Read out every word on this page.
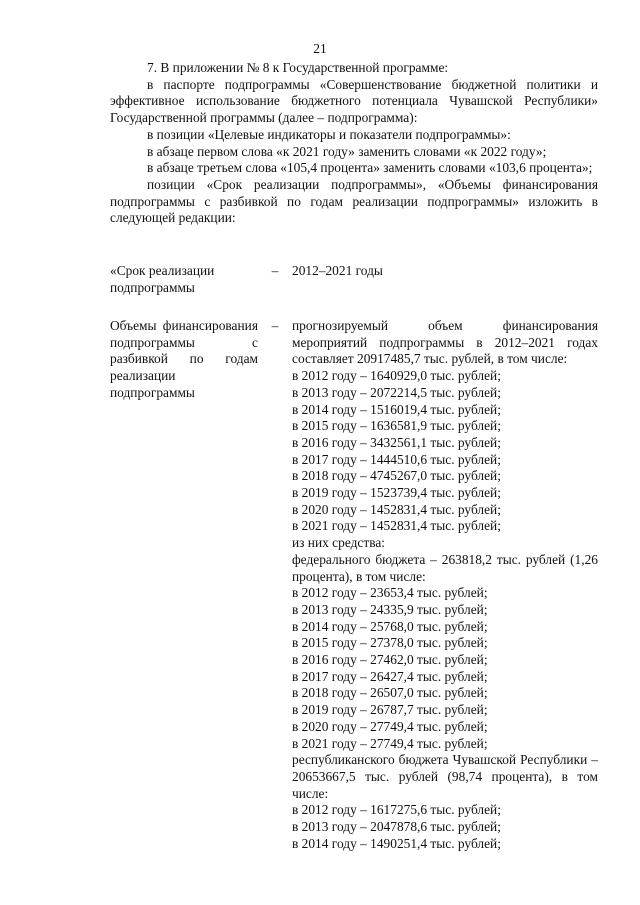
21

7. В приложении № 8 к Государственной программе:

в паспорте подпрограммы «Совершенствование бюджетной политики и эффективное использование бюджетного потенциала Чувашской Республики» Государственной программы (далее – подпрограмма):

в позиции «Целевые индикаторы и показатели подпрограммы»:

в абзаце первом слова «к 2021 году» заменить словами «к 2022 году»;

в абзаце третьем слова «105,4 процента» заменить словами «103,6 процента»;

позиции «Срок реализации подпрограммы», «Объемы финансирования подпрограммы с разбивкой по годам реализации подпрограммы» изложить в следующей редакции:

«Срок реализации подпрограммы
–	2012–2021 годы
Объемы финансирования подпрограммы с разбивкой по годам реализации подпрограммы
–	прогнозируемый объем финансирования мероприятий подпрограммы в 2012–2021 годах составляет 20917485,7 тыс. рублей, в том числе:
в 2012 году – 1640929,0 тыс. рублей;
в 2013 году – 2072214,5 тыс. рублей;
в 2014 году – 1516019,4 тыс. рублей;
в 2015 году – 1636581,9 тыс. рублей;
в 2016 году – 3432561,1 тыс. рублей;
в 2017 году – 1444510,6 тыс. рублей;
в 2018 году – 4745267,0 тыс. рублей;
в 2019 году – 1523739,4 тыс. рублей;
в 2020 году – 1452831,4 тыс. рублей;
в 2021 году – 1452831,4 тыс. рублей;
из них средства:
федерального бюджета – 263818,2 тыс. рублей (1,26 процента), в том числе:
в 2012 году – 23653,4 тыс. рублей;
в 2013 году – 24335,9 тыс. рублей;
в 2014 году – 25768,0 тыс. рублей;
в 2015 году – 27378,0 тыс. рублей;
в 2016 году – 27462,0 тыс. рублей;
в 2017 году – 26427,4 тыс. рублей;
в 2018 году – 26507,0 тыс. рублей;
в 2019 году – 26787,7 тыс. рублей;
в 2020 году – 27749,4 тыс. рублей;
в 2021 году – 27749,4 тыс. рублей;
республиканского бюджета Чувашской Республики – 20653667,5 тыс. рублей (98,74 процента), в том числе:
в 2012 году – 1617275,6 тыс. рублей;
в 2013 году – 2047878,6 тыс. рублей;
в 2014 году – 1490251,4 тыс. рублей;
